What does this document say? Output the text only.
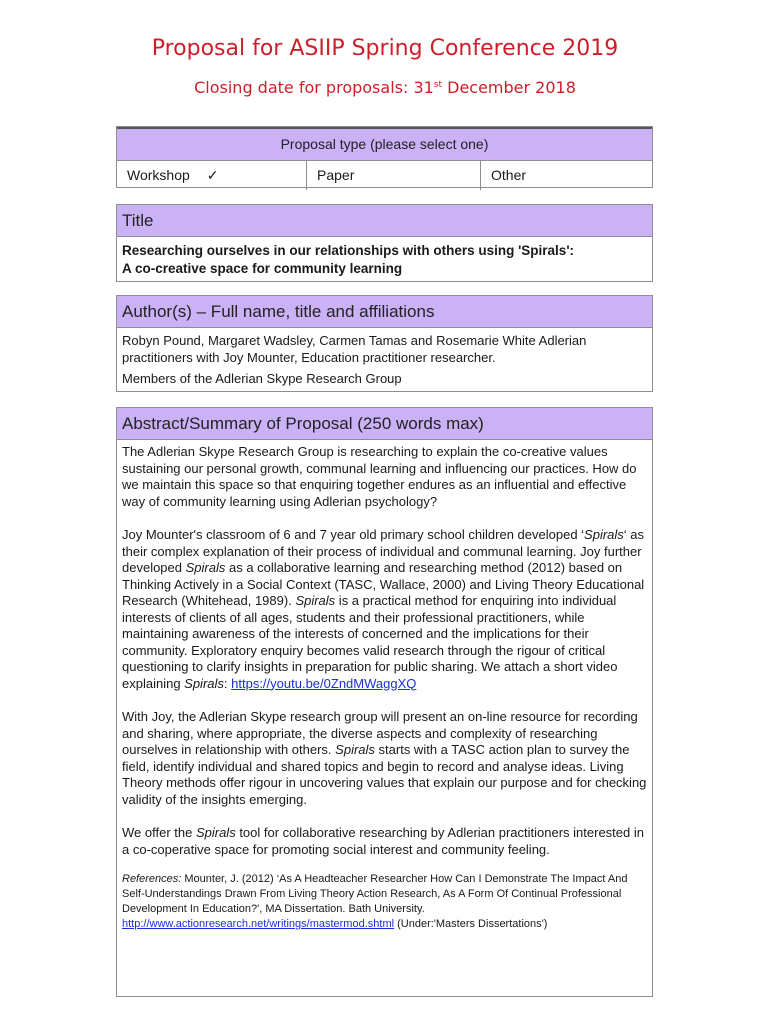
Proposal for ASIIP Spring Conference 2019
Closing date for proposals: 31st December 2018
Proposal type (please select one)
Workshop ✓	Paper	Other
Title

Researching ourselves in our relationships with others using 'Spirals':

A co-creative space for community learning

Author(s) – Full name, title and affiliations

Robyn Pound, Margaret Wadsley, Carmen Tamas and Rosemarie White Adlerian

practitioners with Joy Mounter, Education practitioner researcher.

Members of the Adlerian Skype Research Group

Abstract/Summary of Proposal (250 words max)

The Adlerian Skype Research Group is researching to explain the co-creative values sustaining our personal growth, communal learning and influencing our practices. How do we maintain this space so that enquiring together endures as an influential and effective way of community learning using Adlerian psychology?

Joy Mounter's classroom of 6 and 7 year old primary school children developed ‘Spirals‘ as their complex explanation of their process of individual and communal learning. Joy further developed Spirals as a collaborative learning and researching method (2012) based on Thinking Actively in a Social Context (TASC, Wallace, 2000) and Living Theory Educational Research (Whitehead, 1989). Spirals is a practical method for enquiring into individual interests of clients of all ages, students and their professional practitioners, while maintaining awareness of the interests of concerned and the implications for their community. Exploratory enquiry becomes valid research through the rigour of critical questioning to clarify insights in preparation for public sharing. We attach a short video explaining Spirals: https://youtu.be/0ZndMWaggXQ

With Joy, the Adlerian Skype research group will present an on-line resource for recording and sharing, where appropriate, the diverse aspects and complexity of researching ourselves in relationship with others. Spirals starts with a TASC action plan to survey the field, identify individual and shared topics and begin to record and analyse ideas. Living Theory methods offer rigour in uncovering values that explain our purpose and for checking validity of the insights emerging.

We offer the Spirals tool for collaborative researching by Adlerian practitioners interested in a co-coperative space for promoting social interest and community feeling.

References: Mounter, J. (2012) ‘As A Headteacher Researcher How Can I Demonstrate The Impact And Self-Understandings Drawn From Living Theory Action Research, As A Form Of Continual Professional Development In Education?', MA Dissertation. Bath University. http://www.actionresearch.net/writings/mastermod.shtml (Under:'Masters Dissertations')
